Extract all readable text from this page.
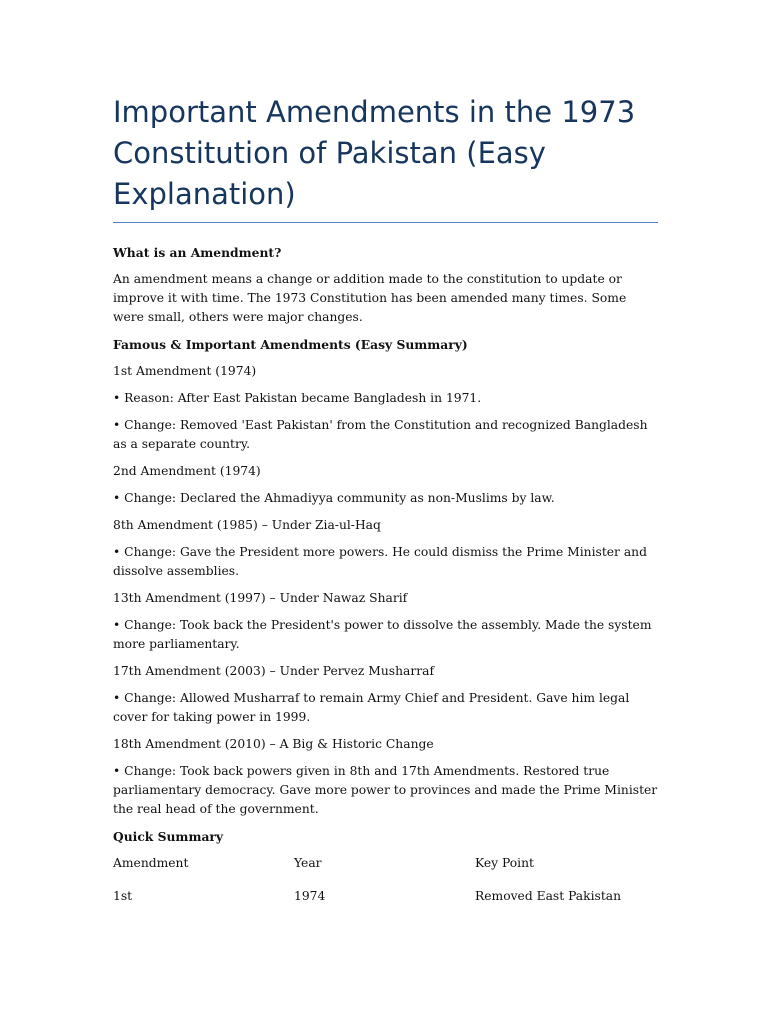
Important Amendments in the 1973 Constitution of Pakistan (Easy Explanation)

What is an Amendment?

An amendment means a change or addition made to the constitution to update or improve it with time. The 1973 Constitution has been amended many times. Some were small, others were major changes.

Famous & Important Amendments (Easy Summary)

1st Amendment (1974)

• Reason: After East Pakistan became Bangladesh in 1971.

• Change: Removed 'East Pakistan' from the Constitution and recognized Bangladesh as a separate country.

2nd Amendment (1974)

• Change: Declared the Ahmadiyya community as non-Muslims by law.

8th Amendment (1985) – Under Zia-ul-Haq

• Change: Gave the President more powers. He could dismiss the Prime Minister and dissolve assemblies.

13th Amendment (1997) – Under Nawaz Sharif

• Change: Took back the President's power to dissolve the assembly. Made the system more parliamentary.

17th Amendment (2003) – Under Pervez Musharraf

• Change: Allowed Musharraf to remain Army Chief and President. Gave him legal cover for taking power in 1999.

18th Amendment (2010) – A Big & Historic Change

• Change: Took back powers given in 8th and 17th Amendments. Restored true parliamentary democracy. Gave more power to provinces and made the Prime Minister the real head of the government.

Quick Summary

Amendment	Year	Key Point
1st	1974	Removed East Pakistan
